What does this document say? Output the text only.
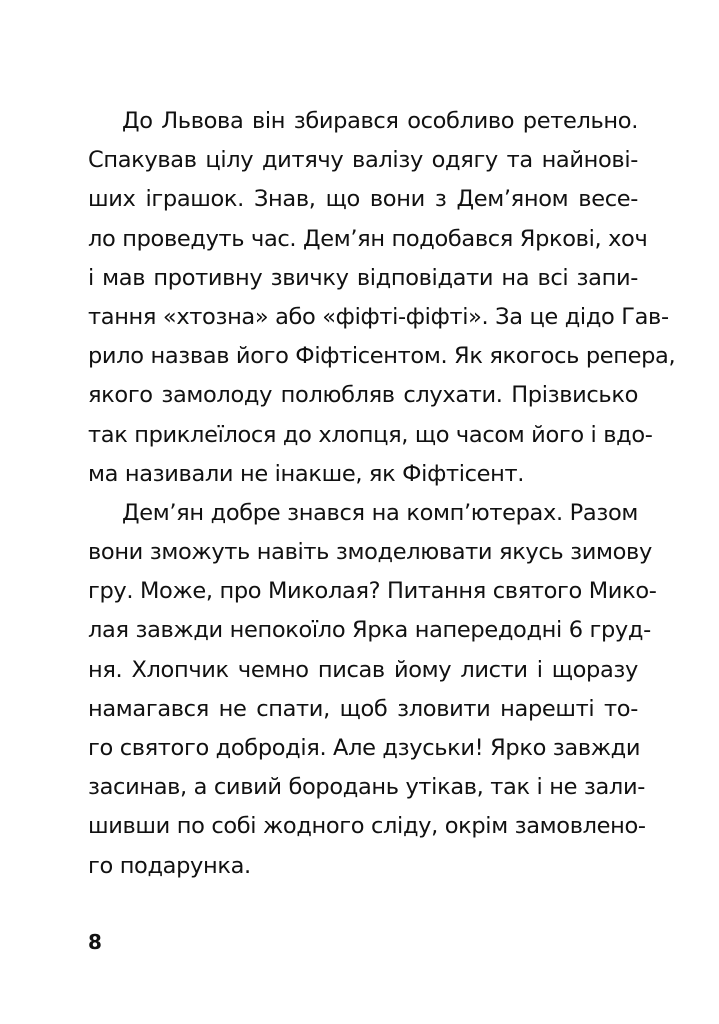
До Львова він збирався особливо ретельно.
Спакував цілу дитячу валізу одягу та найнові-
ших іграшок. Знав, що вони з Дем’яном весе-
ло проведуть час. Дем’ян подобався Яркові, хоч
і мав противну звичку відповідати на всі запи-
тання «хтозна» або «фіфті-фіфті». За це дідо Гав-
рило назвав його Фіфтісентом. Як якогось репера,
якого замолоду полюбляв слухати. Прізвисько
так приклеїлося до хлопця, що часом його і вдо-
ма називали не інакше, як Фіфтісент.
Дем’ян добре знався на комп’ютерах. Разом
вони зможуть навіть змоделювати якусь зимову
гру. Може, про Миколая? Питання святого Мико-
лая завжди непокоїло Ярка напередодні 6 груд-
ня. Хлопчик чемно писав йому листи і щоразу
намагався не спати, щоб зловити нарешті то-
го святого добродія. Але дзуськи! Ярко завжди
засинав, а сивий бородань утікав, так і не зали-
шивши по собі жодного сліду, окрім замовлено-
го подарунка.
8
